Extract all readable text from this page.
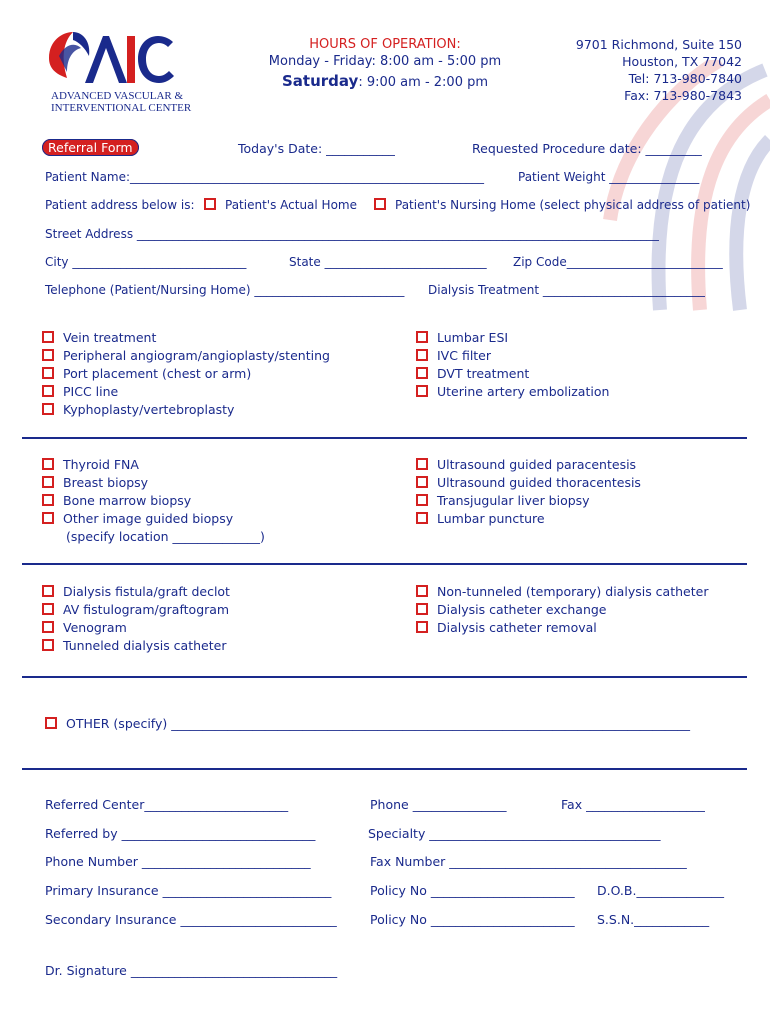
ADVANCED VASCULAR &
INTERVENTIONAL CENTER
HOURS OF OPERATION:
Monday - Friday: 8:00 am - 5:00 pm
Saturday: 9:00 am - 2:00 pm
9701 Richmond, Suite 150
Houston, TX 77042
Tel: 713-980-7840
Fax: 713-980-7843
Referral Form	Today's Date: ___________	Requested Procedure date: _________
Patient Name:___________________________________________________________	Patient Weight _______________
Patient address below is:	Patient's Actual Home	Patient's Nursing Home (select physical address of patient)
Street Address _______________________________________________________________________________________
City _____________________________	State ___________________________ Zip Code__________________________
Telephone (Patient/Nursing Home) _________________________ Dialysis Treatment ___________________________
Vein treatment
Peripheral angiogram/angioplasty/stenting
Port placement (chest or arm)
PICC line
Kyphoplasty/vertebroplasty
Lumbar ESI
IVC filter
DVT treatment
Uterine artery embolization
Thyroid FNA
Breast biopsy
Bone marrow biopsy
Other image guided biopsy
(specify location ______________)
Ultrasound guided paracentesis
Ultrasound guided thoracentesis
Transjugular liver biopsy
Lumbar puncture
Dialysis fistula/graft declot
AV fistulogram/graftogram
Venogram
Tunneled dialysis catheter
Non-tunneled (temporary) dialysis catheter
Dialysis catheter exchange
Dialysis catheter removal
OTHER (specify) ___________________________________________________________________________________
Referred Center_______________________	Phone _______________	Fax ___________________
Referred by _______________________________	Specialty _____________________________________
Phone Number ___________________________	Fax Number ______________________________________
Primary Insurance ___________________________	Policy No _______________________ D.O.B.______________
Secondary Insurance _________________________	Policy No _______________________ S.S.N.____________
Dr. Signature _________________________________
